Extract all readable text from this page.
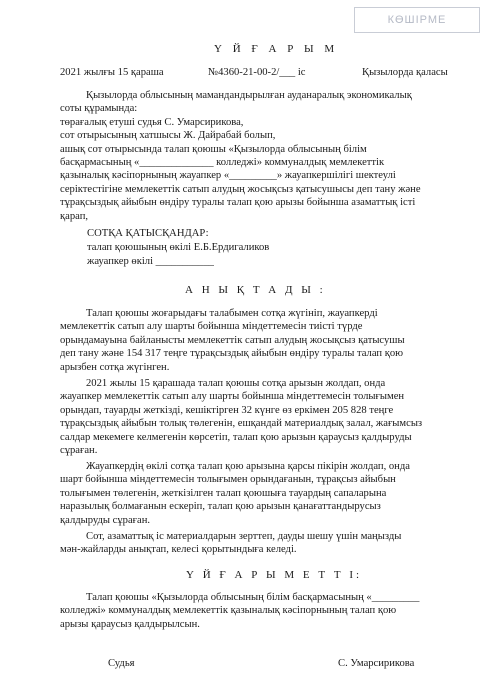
КӨШІРМЕ
Ү Й Ғ А Р Ы М
2021 жылғы 15 қараша	№4360-21-00-2/___ іс	Қызылорда қаласы
Қызылорда облысының мамандандырылған ауданаралық экономикалық
соты құрамында:
төрағалық етуші судья С. Умарсирикова,
сот отырысының хатшысы Ж. Дайрабай болып,
ашық сот отырысында талап қоюшы «Қызылорда облысының білім
басқармасының «______________ колледжі» коммуналдық мемлекеттік
қазыналық кәсіпорнының жауапкер «_________» жауапкершілігі шектеулі
серіктестігіне мемлекеттік сатып алудың жосықсыз қатысушысы деп тану және
тұрақсыздық айыбын өндіру туралы талап қою арызы бойынша азаматтық істі
қарап,
СОТҚА ҚАТЫСҚАНДАР:
талап қоюшының өкілі Е.Б.Ердигаликов
жауапкер өкілі ___________
А Н Ы Қ Т А Д Ы :
Талап қоюшы жоғарыдағы талабымен сотқа жүгініп, жауапкерді
мемлекеттік сатып алу шарты бойынша міндеттемесін тиісті түрде
орындамауына байланысты мемлекеттік сатып алудың жосықсыз қатысушы
деп тану және 154 317 теңге тұрақсыздық айыбын өндіру туралы талап қою
арызбен сотқа жүгінген.
2021 жылы 15 қарашада талап қоюшы сотқа арызын жолдап, онда
жауапкер мемлекеттік сатып алу шарты бойынша міндеттемесін толығымен
орындап, тауарды жеткізді, кешіктірген 32 күнге өз еркімен 205 828 теңге
тұрақсыздық айыбын толық төлегенін, ешқандай материалдық залал, жағымсыз
салдар мекемеге келмегенін көрсетіп, талап қою арызын қараусыз қалдыруды
сұраған.
Жауапкердің өкілі сотқа талап қою арызына қарсы пікірін жолдап, онда
шарт бойынша міндеттемесін толығымен орындағанын, тұрақсыз айыбын
толығымен төлегенін, жеткізілген талап қоюшыға тауардың сапаларына
наразылық болмағанын ескеріп, талап қою арызын қанағаттандырусыз
қалдыруды сұраған.
Сот, азаматтық іс материалдарын зерттеп, дауды шешу үшін маңызды
мән-жайларды анықтап, келесі қорытындыға келеді.
Ү Й Ғ А Р Ы М Е Т Т І:
Талап қоюшы «Қызылорда облысының білім басқармасының «_________
колледжі» коммуналдық мемлекеттік қазыналық кәсіпорнының талап қою
арызы қараусыз қалдырылсын.
Судья	С. Умарсирикова
